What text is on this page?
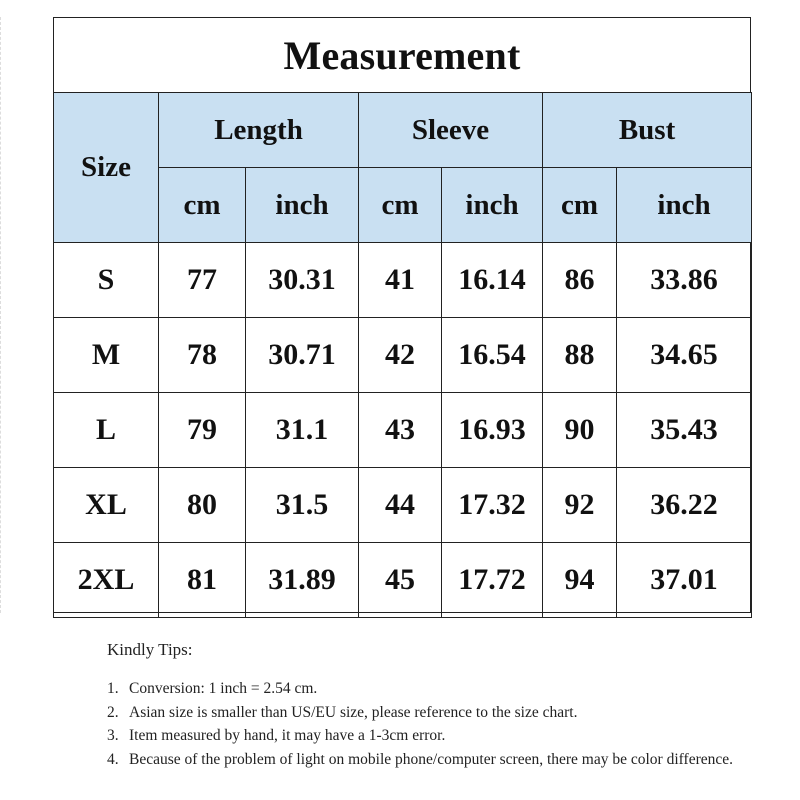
Measurement
Size	Length		Sleeve		Bust	
	cm	inch	cm	inch	cm	inch
S	77	30.31	41	16.14	86	33.86
M	78	30.71	42	16.54	88	34.65
L	79	31.1	43	16.93	90	35.43
XL	80	31.5	44	17.32	92	36.22
2XL	81	31.89	45	17.72	94	37.01
Kindly Tips:
1. Conversion: 1 inch = 2.54 cm.
2. Asian size is smaller than US/EU size, please reference to the size chart.
3. Item measured by hand, it may have a 1-3cm error.
4. Because of the problem of light on mobile phone/computer screen, there may be color difference.
